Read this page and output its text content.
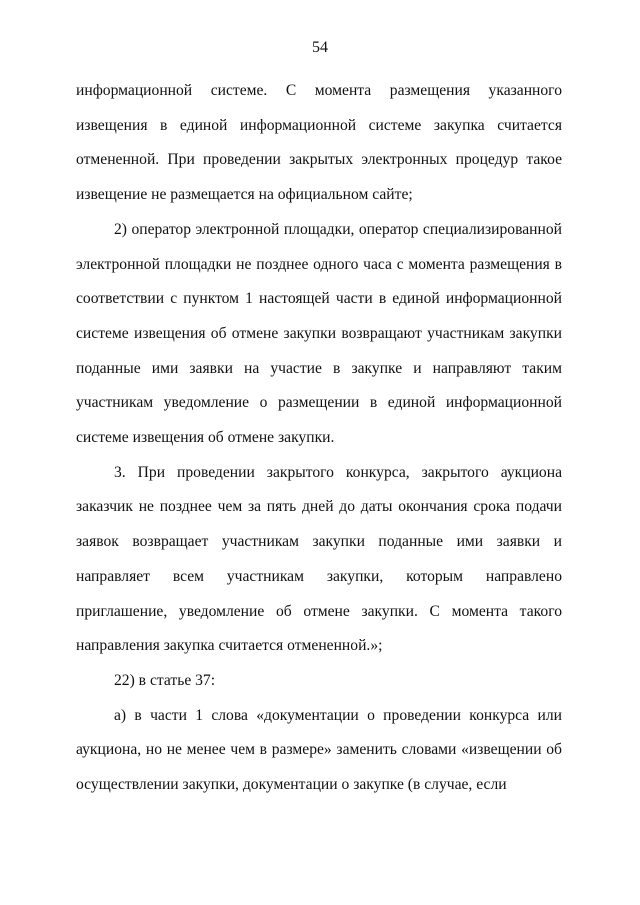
54

информационной системе. С момента размещения указанного извещения в единой информационной системе закупка считается отмененной. При проведении закрытых электронных процедур такое извещение не размещается на официальном сайте;

2) оператор электронной площадки, оператор специализированной электронной площадки не позднее одного часа с момента размещения в соответствии с пунктом 1 настоящей части в единой информационной системе извещения об отмене закупки возвращают участникам закупки поданные ими заявки на участие в закупке и направляют таким участникам уведомление о размещении в единой информационной системе извещения об отмене закупки.

3. При проведении закрытого конкурса, закрытого аукциона заказчик не позднее чем за пять дней до даты окончания срока подачи заявок возвращает участникам закупки поданные ими заявки и направляет всем участникам закупки, которым направлено приглашение, уведомление об отмене закупки. С момента такого направления закупка считается отмененной.»;

22) в статье 37:

а) в части 1 слова «документации о проведении конкурса или аукциона, но не менее чем в размере» заменить словами «извещении об осуществлении закупки, документации о закупке (в случае, если
